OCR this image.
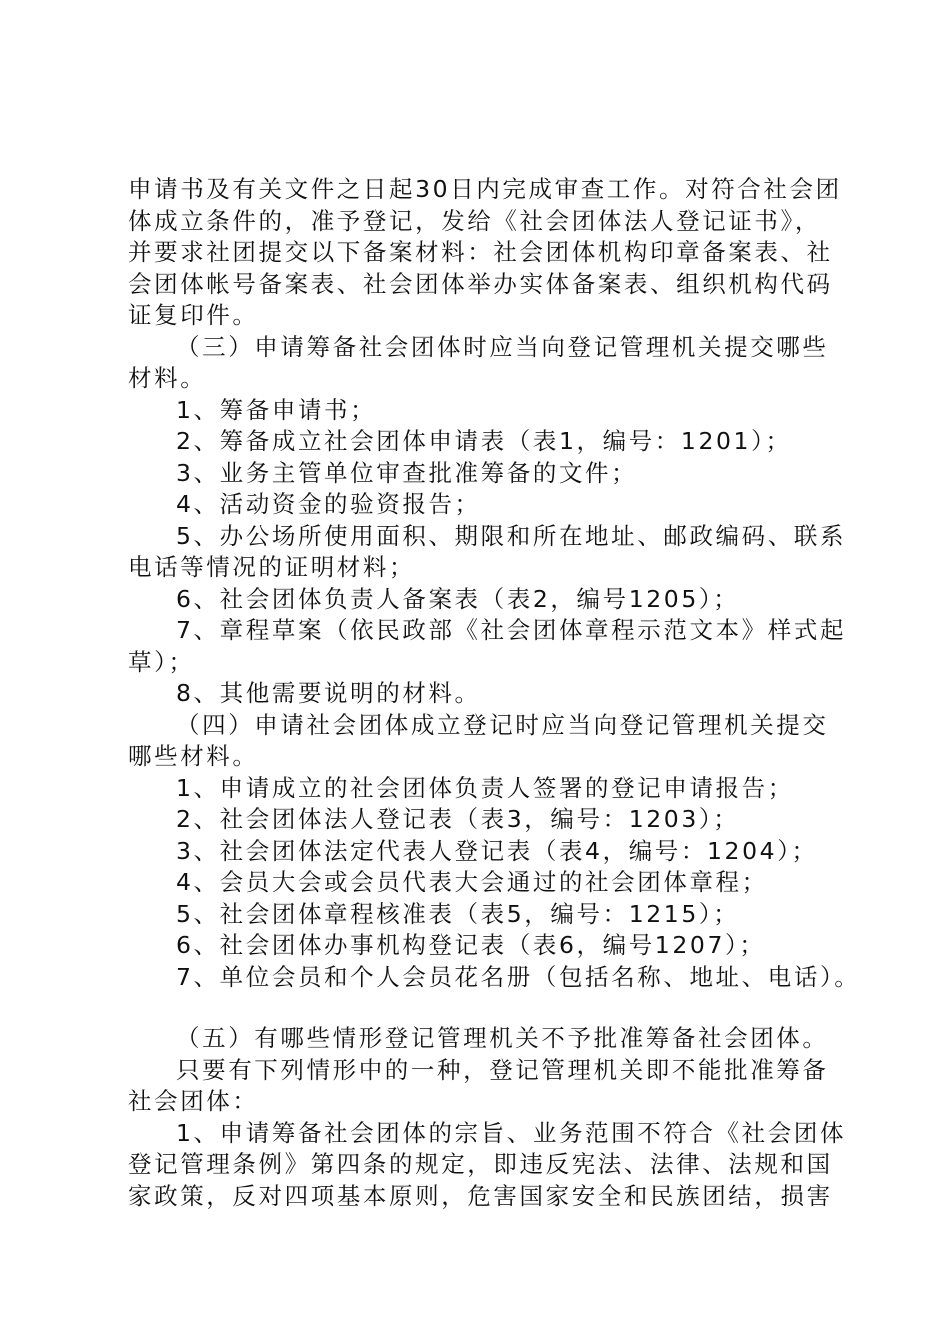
申请书及有关文件之日起30日内完成审查工作。对符合社会团
体成立条件的，准予登记，发给《社会团体法人登记证书》，
并要求社团提交以下备案材料：社会团体机构印章备案表、社
会团体帐号备案表、社会团体举办实体备案表、组织机构代码
证复印件。
（三）申请筹备社会团体时应当向登记管理机关提交哪些
材料。
1、筹备申请书；
2、筹备成立社会团体申请表（表1，编号：1201）；
3、业务主管单位审查批准筹备的文件；
4、活动资金的验资报告；
5、办公场所使用面积、期限和所在地址、邮政编码、联系
电话等情况的证明材料；
6、社会团体负责人备案表（表2，编号1205）；
7、章程草案（依民政部《社会团体章程示范文本》样式起
草）；
8、其他需要说明的材料。
（四）申请社会团体成立登记时应当向登记管理机关提交
哪些材料。
1、申请成立的社会团体负责人签署的登记申请报告；
2、社会团体法人登记表（表3，编号：1203）；
3、社会团体法定代表人登记表（表4，编号：1204）；
4、会员大会或会员代表大会通过的社会团体章程；
5、社会团体章程核准表（表5，编号：1215）；
6、社会团体办事机构登记表（表6，编号1207）；
7、单位会员和个人会员花名册（包括名称、地址、电话）。
（五）有哪些情形登记管理机关不予批准筹备社会团体。
只要有下列情形中的一种，登记管理机关即不能批准筹备
社会团体：
1、申请筹备社会团体的宗旨、业务范围不符合《社会团体
登记管理条例》第四条的规定，即违反宪法、法律、法规和国
家政策，反对四项基本原则，危害国家安全和民族团结，损害
